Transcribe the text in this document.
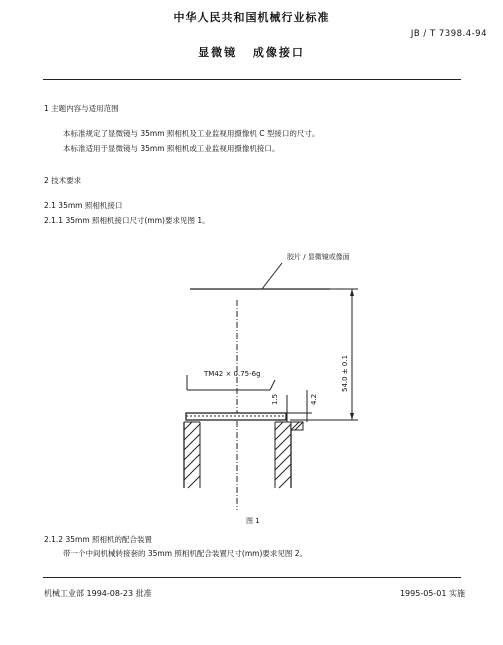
中华人民共和国机械行业标准
JB / T 7398.4-94
显微镜 成像接口
1 主题内容与适用范围
本标准规定了显微镜与 35mm 照相机及工业监视用摄像机 C 型接口的尺寸。
本标准适用于显微镜与 35mm 照相机或工业监视用摄像机接口。
2 技术要求
2.1 35mm 照相机接口
2.1.1 35mm 照相机接口尺寸(mm)要求见图 1。
胶片 / 显微镜或像面
TM42 × 0.75-6g
1.5	4.2
54.0 ± 0.1
图 1
2.1.2 35mm 照相机的配合装置
带一个中间机械转接套的 35mm 照相机配合装置尺寸(mm)要求见图 2。
机械工业部 1994-08-23 批准	1995-05-01 实施
